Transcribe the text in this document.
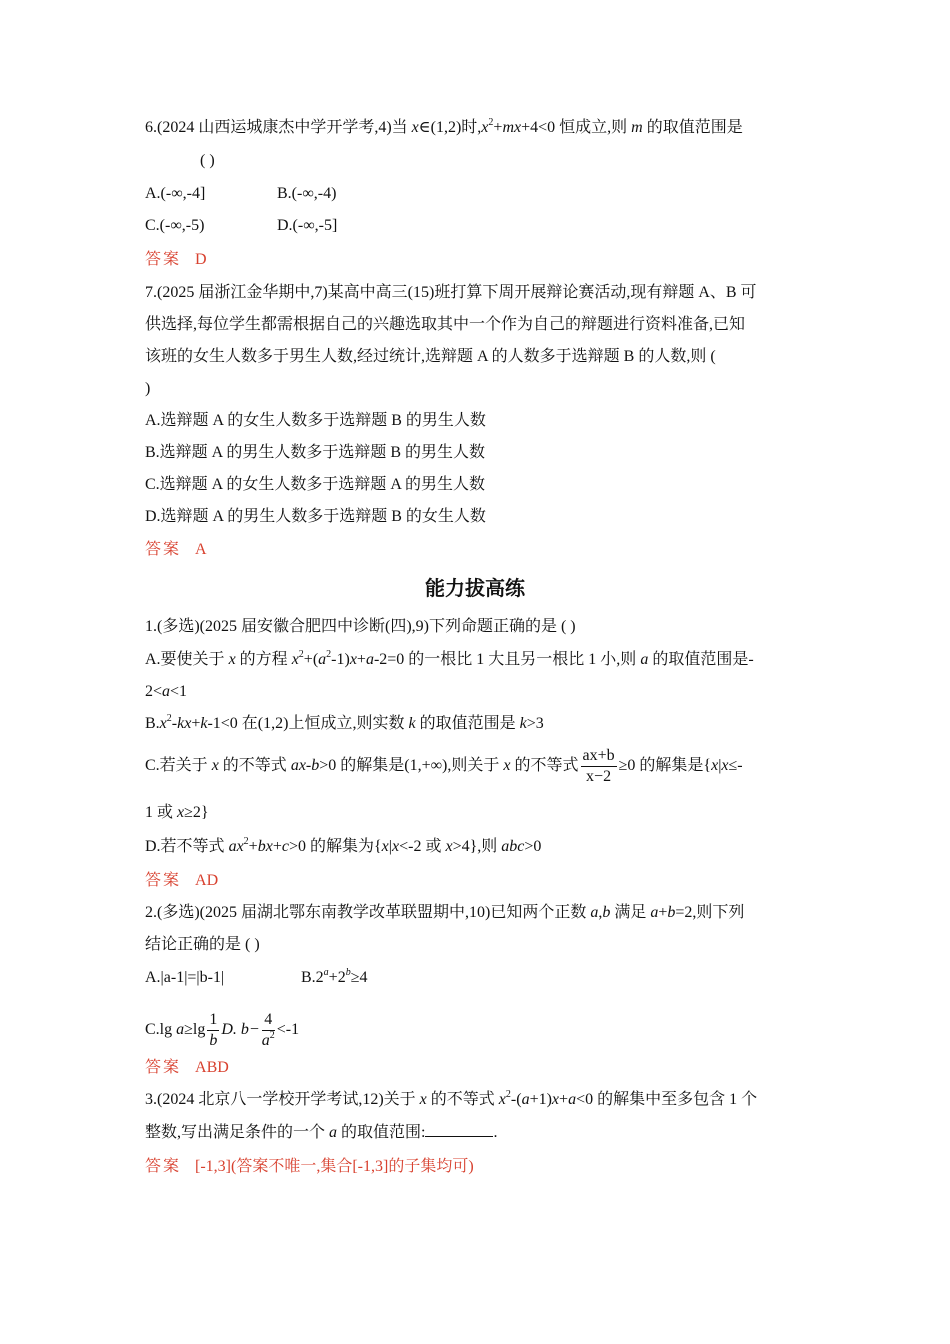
6.(2024 山西运城康杰中学开学考,4)当 x∈(1,2)时$,x^2+mx+4<0$ 恒成立,则 m 的取值范围是
( )
A.(-∞,-4]	B.(-∞,-4)
C.(-∞,-5)	D.(-∞,-5]
答案 D
7.(2025 届浙江金华期中,7)某高中高三(15)班打算下周开展辩论赛活动,现有辩题 A、B 可
供选择,每位学生都需根据自己的兴趣选取其中一个作为自己的辩题进行资料准备,已知
该班的女生人数多于男生人数,经过统计,选辩题 A 的人数多于选辩题 B 的人数,则 (
)
A.选辩题 A 的女生人数多于选辩题 B 的男生人数
B.选辩题 A 的男生人数多于选辩题 B 的男生人数
C.选辩题 A 的女生人数多于选辩题 A 的男生人数
D.选辩题 A 的男生人数多于选辩题 B 的女生人数
答案 A
能力拔高练
1.(多选)(2025 届安徽合肥四中诊断(四),9)下列命题正确的是 ( )
A.要使关于 x 的方程 $x^2+(a^2-1)x+a-2=0$ 的一根比 1 大且另一根比 1 小,则 a 的取值范围是-
2<a<1
$B.x^2-kx+k-1<0$ 在(1,2)上恒成立,则实数 k 的取值范围是 k>3
C.若关于 x 的不等式 ax-b>0 的解集是(1,+∞),则关于 x 的不等式 $\frac{ax+b}{x-2} \ge 0$ 的解集是{x|x≤-
1 或 x≥2}
D.若不等式 $ax^2+bx+c>0$ 的解集为{x|x<-2 或 x>4},则 abc>0
答案 AD
2.(多选)(2025 届湖北鄂东南教学改革联盟期中,10)已知两个正数 a,b 满足 a+b=2,则下列
结论正确的是 ( )
A.|a-1|=|b-1|	$B.2^a+2^b\ge 4$
C.lg $a\ge\lg \frac{1}{b} D$. $b- \frac{4}{a^2} <-1$
答案 ABD
3.(2024 北京八一学校开学考试,12)关于 x 的不等式 $x^2-(a+1)x+a<0$ 的解集中至多包含 1 个
整数,写出满足条件的一个 a 的取值范围:	.
答案 [-1,3](答案不唯一,集合[-1,3]的子集均可)
